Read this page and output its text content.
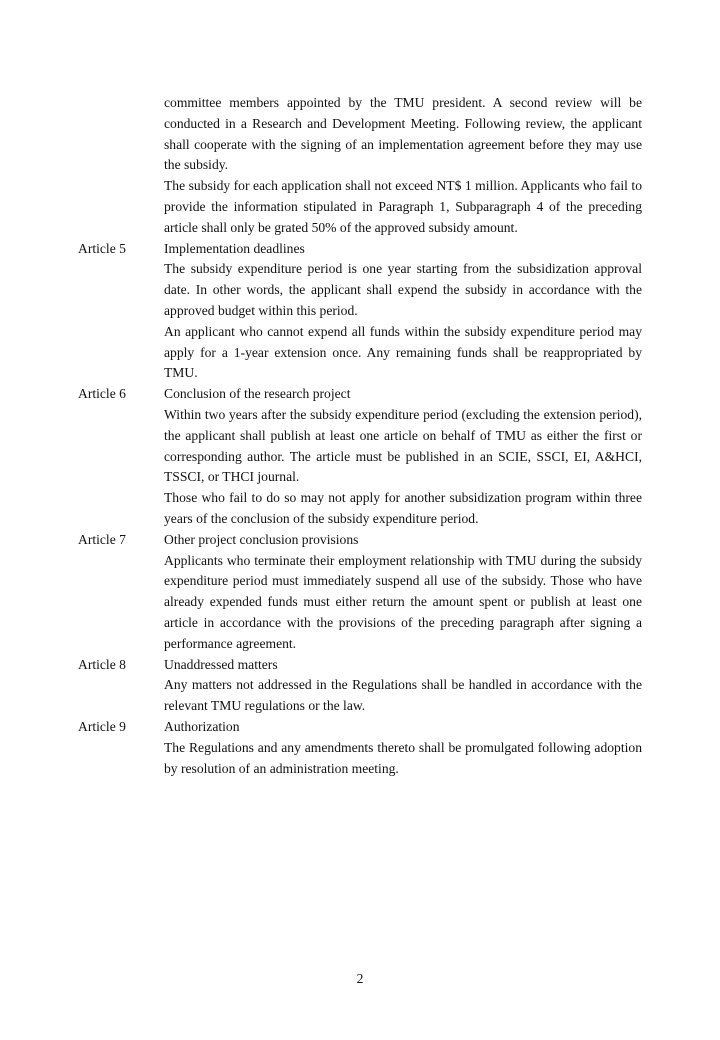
committee members appointed by the TMU president. A second review will be conducted in a Research and Development Meeting. Following review, the applicant shall cooperate with the signing of an implementation agreement before they may use the subsidy.

The subsidy for each application shall not exceed NT$ 1 million. Applicants who fail to provide the information stipulated in Paragraph 1, Subparagraph 4 of the preceding article shall only be grated 50% of the approved subsidy amount.

Article 5	Implementation deadlines

The subsidy expenditure period is one year starting from the subsidization approval date. In other words, the applicant shall expend the subsidy in accordance with the approved budget within this period.

An applicant who cannot expend all funds within the subsidy expenditure period may apply for a 1-year extension once. Any remaining funds shall be reappropriated by TMU.

Article 6	Conclusion of the research project

Within two years after the subsidy expenditure period (excluding the extension period), the applicant shall publish at least one article on behalf of TMU as either the first or corresponding author. The article must be published in an SCIE, SSCI, EI, A&HCI, TSSCI, or THCI journal.

Those who fail to do so may not apply for another subsidization program within three years of the conclusion of the subsidy expenditure period.

Article 7	Other project conclusion provisions

Applicants who terminate their employment relationship with TMU during the subsidy expenditure period must immediately suspend all use of the subsidy. Those who have already expended funds must either return the amount spent or publish at least one article in accordance with the provisions of the preceding paragraph after signing a performance agreement.

Article 8	Unaddressed matters

Any matters not addressed in the Regulations shall be handled in accordance with the relevant TMU regulations or the law.

Article 9	Authorization

The Regulations and any amendments thereto shall be promulgated following adoption by resolution of an administration meeting.

2
